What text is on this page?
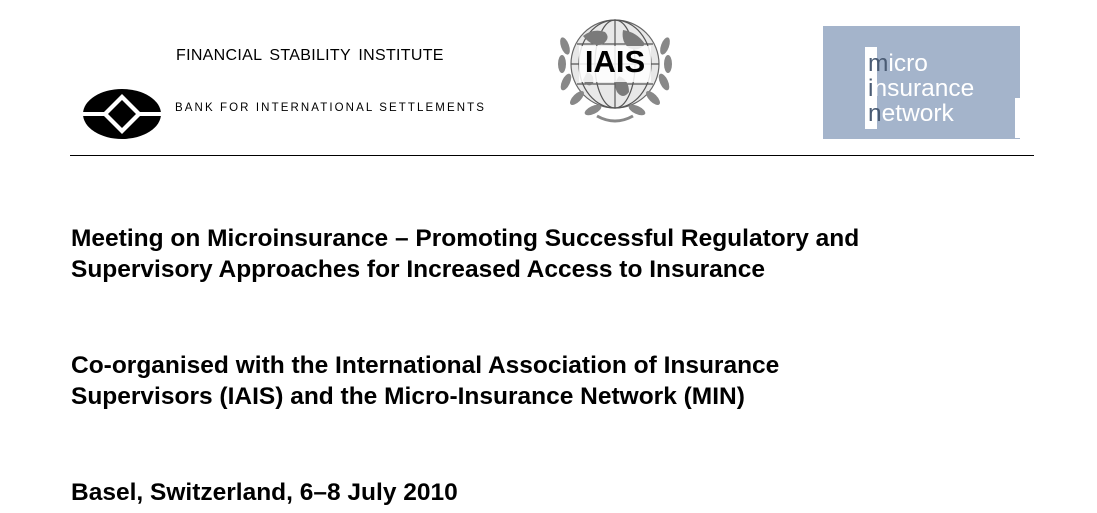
FINANCIAL STABILITY INSTITUTE
BANK FOR INTERNATIONAL SETTLEMENTS
IAIS	micro
insurance
network
Meeting on Microinsurance – Promoting Successful Regulatory and
Supervisory Approaches for Increased Access to Insurance
Co-organised with the International Association of Insurance
Supervisors (IAIS) and the Micro-Insurance Network (MIN)
Basel, Switzerland, 6–8 July 2010
